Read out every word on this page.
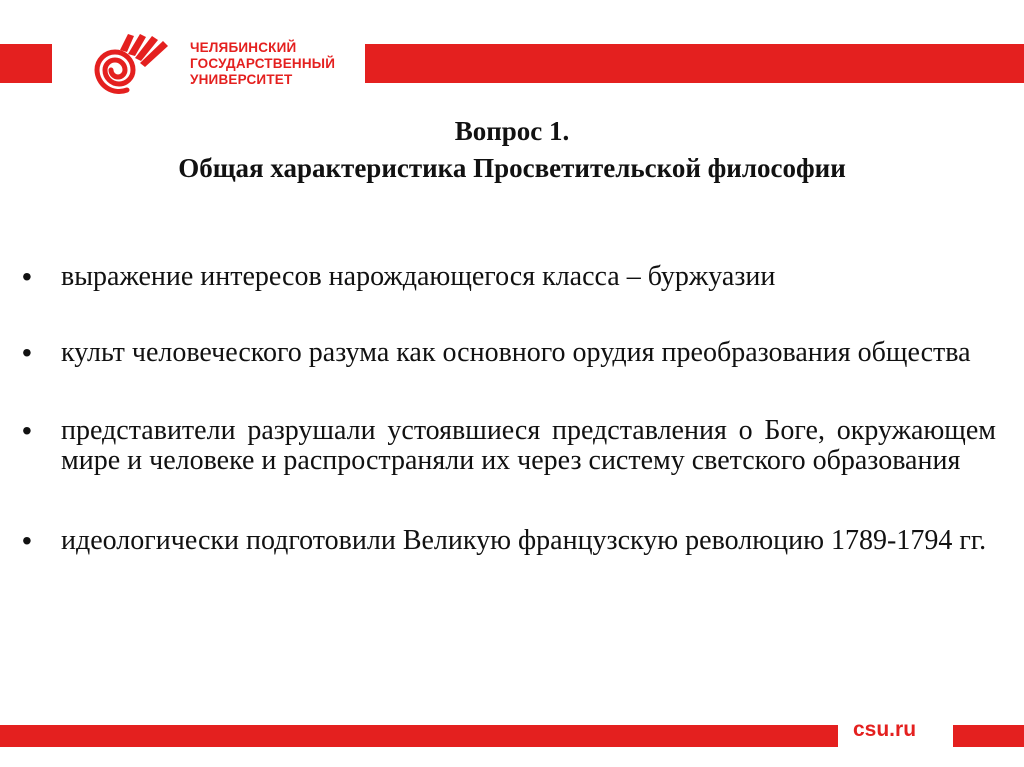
ЧЕЛЯБИНСКИЙ
ГОСУДАРСТВЕННЫЙ
УНИВЕРСИТЕТ
Вопрос 1.
Общая характеристика Просветительской философии
• выражение интересов нарождающегося класса – буржуазии
• культ человеческого разума как основного орудия преобразования общества
• представители разрушали устоявшиеся представления о Боге, окружающем мире и человеке и распространяли их через систему светского образования
• идеологически подготовили Великую французскую революцию 1789-1794 гг.
csu.ru
